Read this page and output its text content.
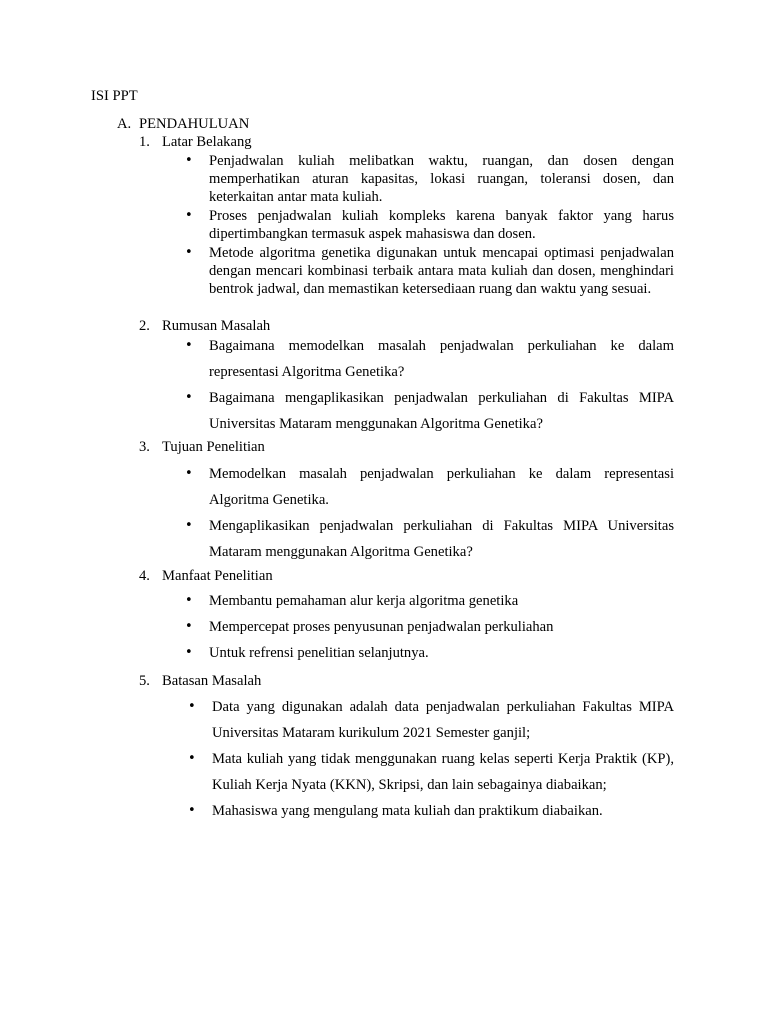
ISI PPT
A. PENDAHULUAN
1. Latar Belakang
• Penjadwalan kuliah melibatkan waktu, ruangan, dan dosen dengan memperhatikan aturan kapasitas, lokasi ruangan, toleransi dosen, dan keterkaitan antar mata kuliah.
• Proses penjadwalan kuliah kompleks karena banyak faktor yang harus dipertimbangkan termasuk aspek mahasiswa dan dosen.
• Metode algoritma genetika digunakan untuk mencapai optimasi penjadwalan dengan mencari kombinasi terbaik antara mata kuliah dan dosen, menghindari bentrok jadwal, dan memastikan ketersediaan ruang dan waktu yang sesuai.
2. Rumusan Masalah
• Bagaimana memodelkan masalah penjadwalan perkuliahan ke dalam representasi Algoritma Genetika?
• Bagaimana mengaplikasikan penjadwalan perkuliahan di Fakultas MIPA Universitas Mataram menggunakan Algoritma Genetika?
3. Tujuan Penelitian
• Memodelkan masalah penjadwalan perkuliahan ke dalam representasi Algoritma Genetika.
• Mengaplikasikan penjadwalan perkuliahan di Fakultas MIPA Universitas Mataram menggunakan Algoritma Genetika?
4. Manfaat Penelitian
• Membantu pemahaman alur kerja algoritma genetika
• Mempercepat proses penyusunan penjadwalan perkuliahan
• Untuk refrensi penelitian selanjutnya.
5. Batasan Masalah
• Data yang digunakan adalah data penjadwalan perkuliahan Fakultas MIPA Universitas Mataram kurikulum 2021 Semester ganjil;
• Mata kuliah yang tidak menggunakan ruang kelas seperti Kerja Praktik (KP), Kuliah Kerja Nyata (KKN), Skripsi, dan lain sebagainya diabaikan;
• Mahasiswa yang mengulang mata kuliah dan praktikum diabaikan.
